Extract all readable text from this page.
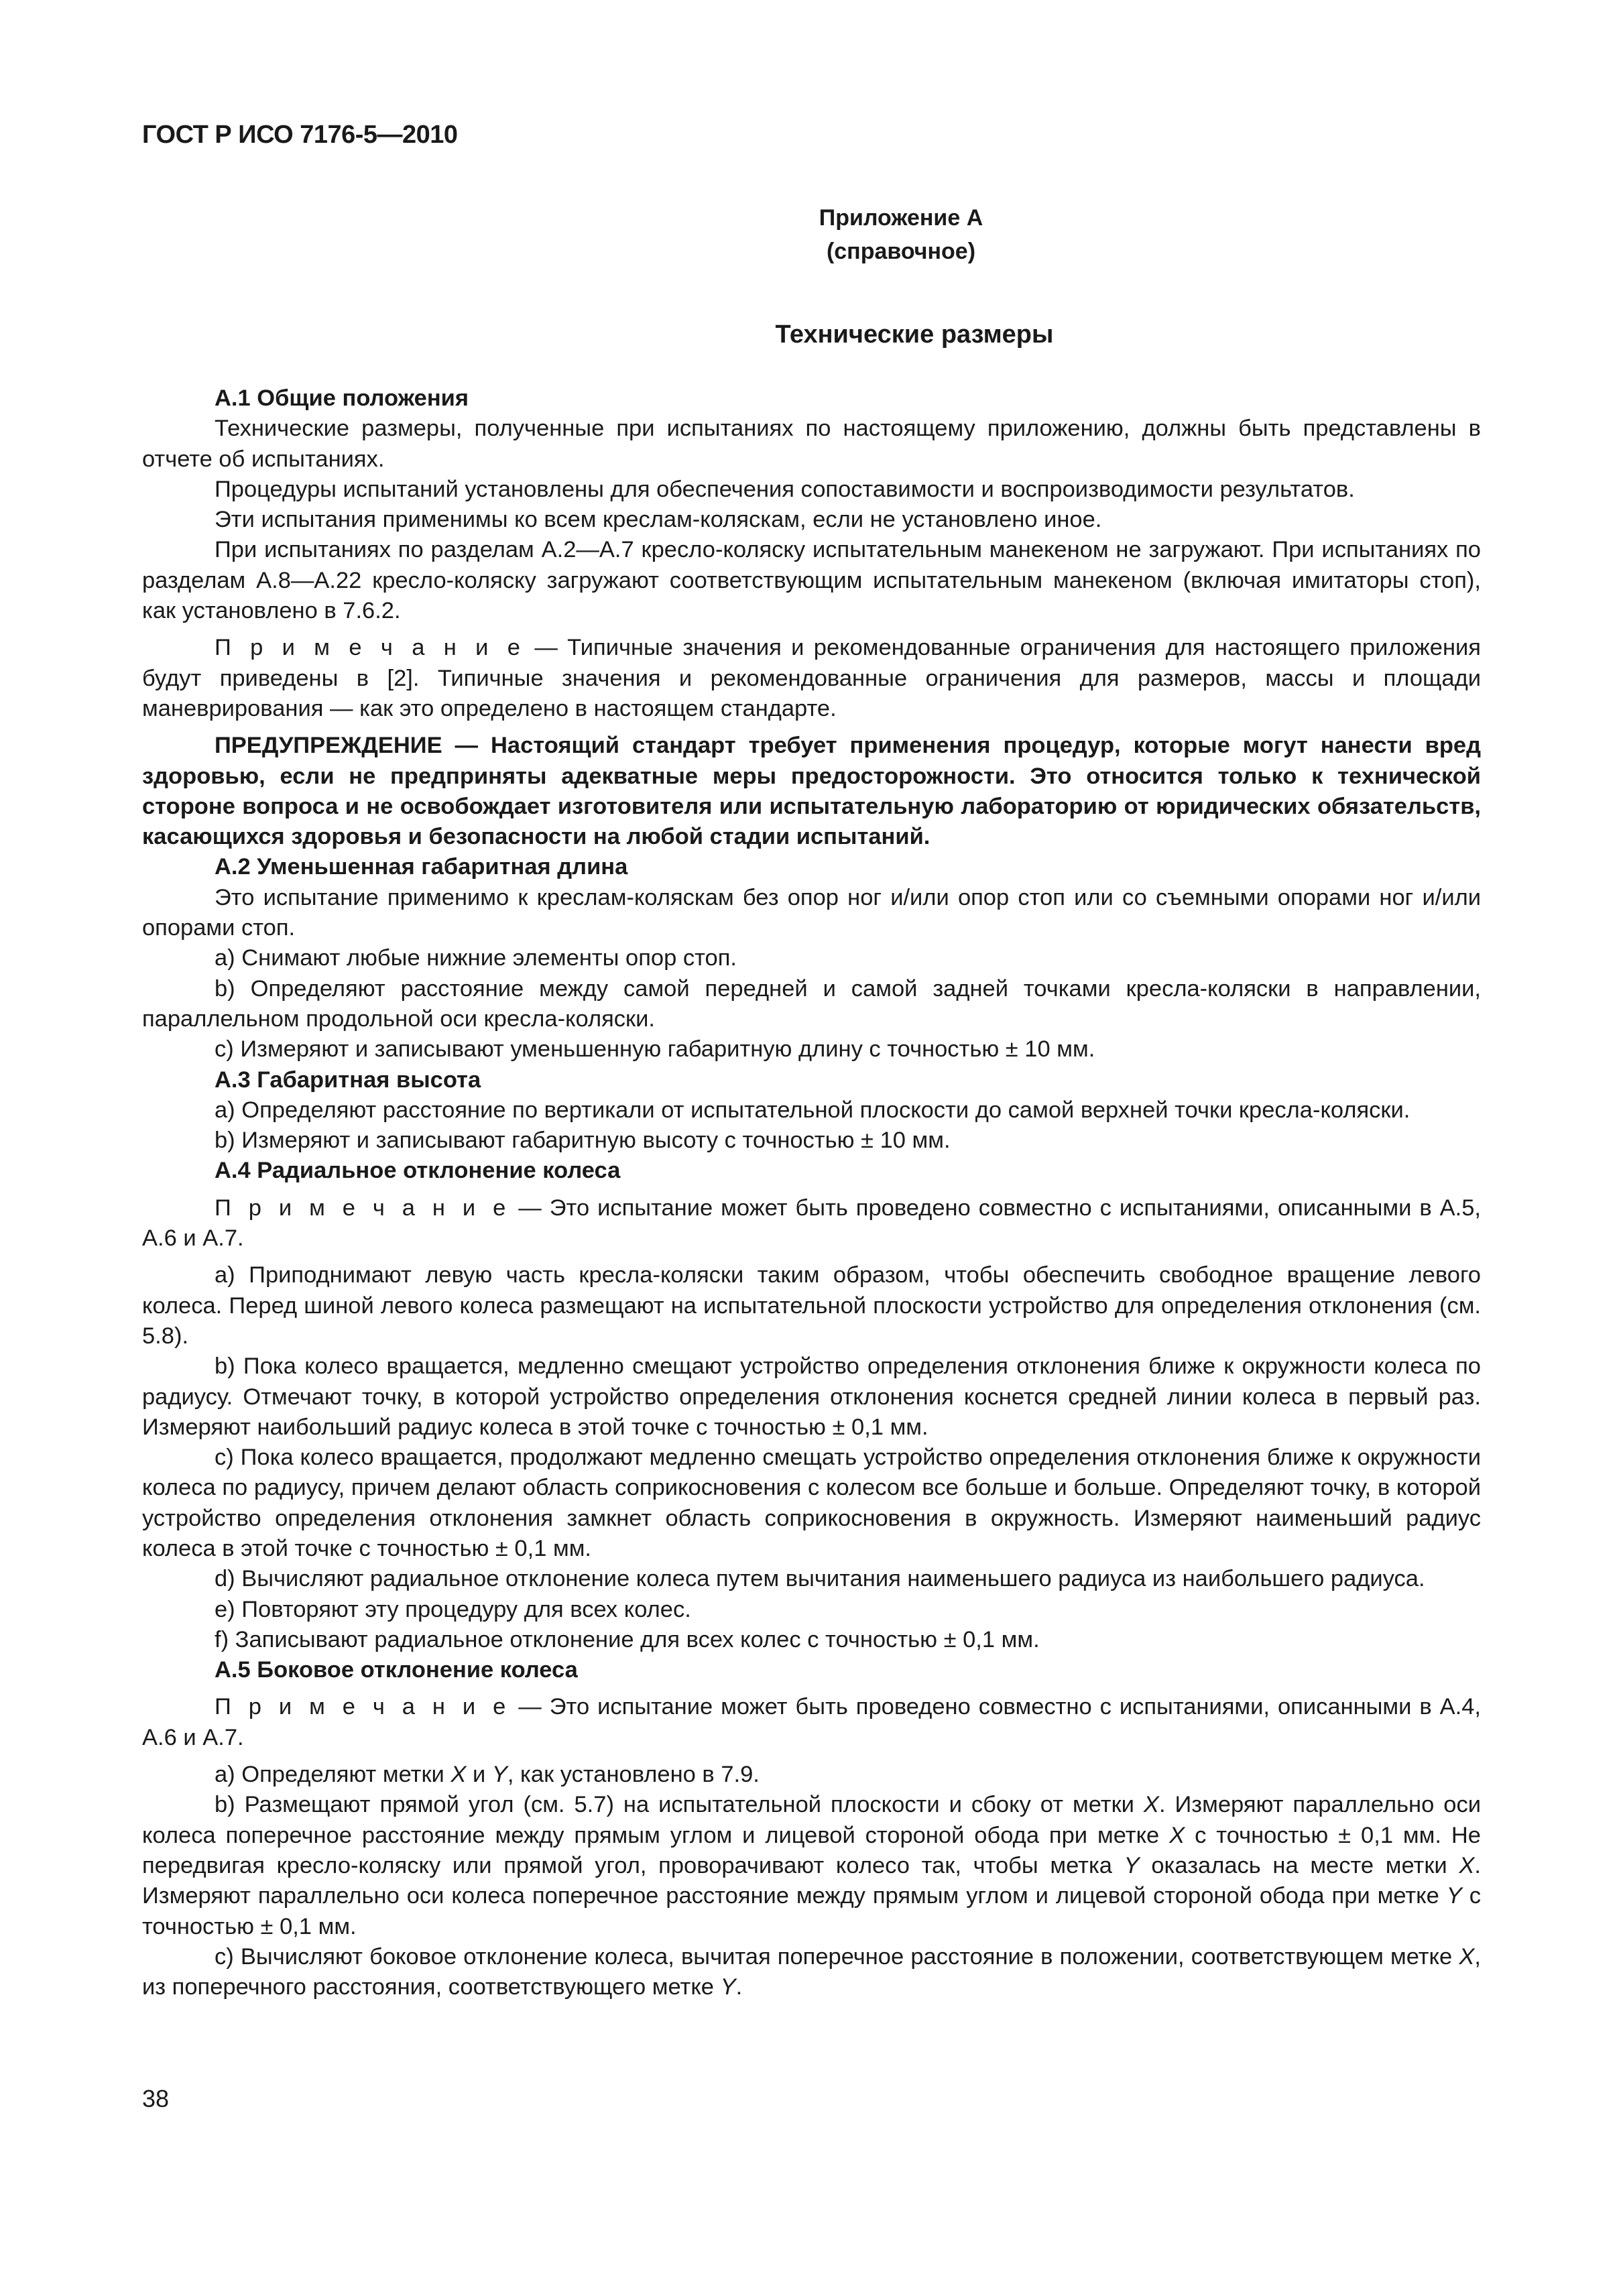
ГОСТ Р ИСО 7176-5—2010
Приложение А
(справочное)
Технические размеры

А.1 Общие положения

Технические размеры, полученные при испытаниях по настоящему приложению, должны быть представлены в отчете об испытаниях.

Процедуры испытаний установлены для обеспечения сопоставимости и воспроизводимости результатов.

Эти испытания применимы ко всем креслам-коляскам, если не установлено иное.

При испытаниях по разделам А.2—А.7 кресло-коляску испытательным манекеном не загружают. При испытаниях по разделам А.8—А.22 кресло-коляску загружают соответствующим испытательным манекеном (включая имитаторы стоп), как установлено в 7.6.2.

П р и м е ч а н и е — Типичные значения и рекомендованные ограничения для настоящего приложения будут приведены в [2]. Типичные значения и рекомендованные ограничения для размеров, массы и площади маневрирования — как это определено в настоящем стандарте.

ПРЕДУПРЕЖДЕНИЕ — Настоящий стандарт требует применения процедур, которые могут нанести вред здоровью, если не предприняты адекватные меры предосторожности. Это относится только к технической стороне вопроса и не освобождает изготовителя или испытательную лабораторию от юридических обязательств, касающихся здоровья и безопасности на любой стадии испытаний.

А.2 Уменьшенная габаритная длина

Это испытание применимо к креслам-коляскам без опор ног и/или опор стоп или со съемными опорами ног и/или опорами стоп.

a) Снимают любые нижние элементы опор стоп.

b) Определяют расстояние между самой передней и самой задней точками кресла-коляски в направлении, параллельном продольной оси кресла-коляски.

c) Измеряют и записывают уменьшенную габаритную длину с точностью ± 10 мм.

А.3 Габаритная высота

a) Определяют расстояние по вертикали от испытательной плоскости до самой верхней точки кресла-коляски.

b) Измеряют и записывают габаритную высоту с точностью ± 10 мм.

А.4 Радиальное отклонение колеса

П р и м е ч а н и е — Это испытание может быть проведено совместно с испытаниями, описанными в А.5, А.6 и А.7.

a) Приподнимают левую часть кресла-коляски таким образом, чтобы обеспечить свободное вращение левого колеса. Перед шиной левого колеса размещают на испытательной плоскости устройство для определения отклонения (см. 5.8).

b) Пока колесо вращается, медленно смещают устройство определения отклонения ближе к окружности колеса по радиусу. Отмечают точку, в которой устройство определения отклонения коснется средней линии колеса в первый раз. Измеряют наибольший радиус колеса в этой точке с точностью ± 0,1 мм.

c) Пока колесо вращается, продолжают медленно смещать устройство определения отклонения ближе к окружности колеса по радиусу, причем делают область соприкосновения с колесом все больше и больше. Определяют точку, в которой устройство определения отклонения замкнет область соприкосновения в окружность. Измеряют наименьший радиус колеса в этой точке с точностью ± 0,1 мм.

d) Вычисляют радиальное отклонение колеса путем вычитания наименьшего радиуса из наибольшего радиуса.

e) Повторяют эту процедуру для всех колес.

f) Записывают радиальное отклонение для всех колес с точностью ± 0,1 мм.

А.5 Боковое отклонение колеса

П р и м е ч а н и е — Это испытание может быть проведено совместно с испытаниями, описанными в А.4, А.6 и А.7.

a) Определяют метки X и Y, как установлено в 7.9.

b) Размещают прямой угол (см. 5.7) на испытательной плоскости и сбоку от метки X. Измеряют параллельно оси колеса поперечное расстояние между прямым углом и лицевой стороной обода при метке X с точностью ± 0,1 мм. Не передвигая кресло-коляску или прямой угол, проворачивают колесо так, чтобы метка Y оказалась на месте метки X. Измеряют параллельно оси колеса поперечное расстояние между прямым углом и лицевой стороной обода при метке Y с точностью ± 0,1 мм.

c) Вычисляют боковое отклонение колеса, вычитая поперечное расстояние в положении, соответствующем метке X, из поперечного расстояния, соответствующего метке Y.

38
